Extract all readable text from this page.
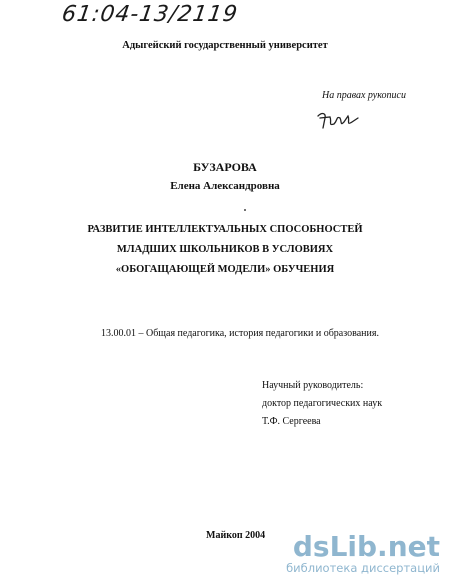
61:04-13/2119
Адыгейский государственный университет
На правах рукописи
БУЗАРОВА
Елена Александровна
РАЗВИТИЕ ИНТЕЛЛЕКТУАЛЬНЫХ СПОСОБНОСТЕЙ
МЛАДШИХ ШКОЛЬНИКОВ В УСЛОВИЯХ
«ОБОГАЩАЮЩЕЙ МОДЕЛИ» ОБУЧЕНИЯ
13.00.01 – Общая педагогика, история педагогики и образования.
Научный руководитель:
доктор педагогических наук
Т.Ф. Сергеева
Майкоп 2004 dsLib.net
библиотека диссертаций
